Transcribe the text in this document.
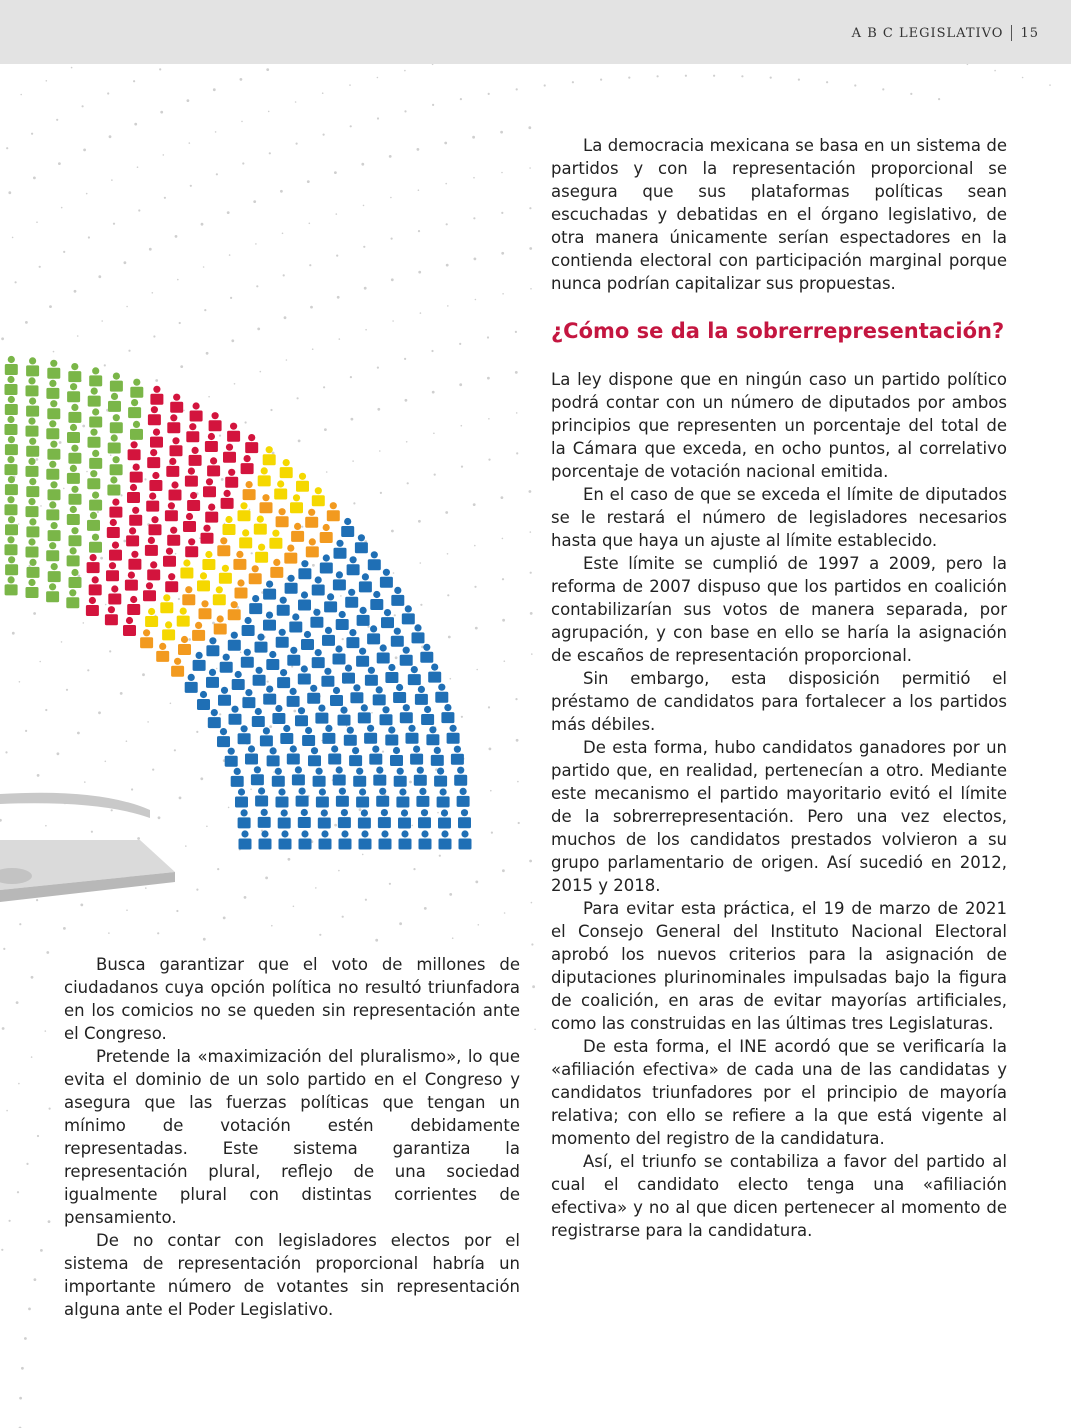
A B C LEGISLATIVO 15

La democracia mexicana se basa en un sistema de partidos y con la representación proporcional se asegura que sus plataformas políticas sean escuchadas y debatidas en el órgano legislativo, de otra manera únicamente serían espectadores en la contienda electoral con participación marginal porque nunca podrían capitalizar sus propuestas.

¿Cómo se da la sobrerrepresentación?

La ley dispone que en ningún caso un partido político podrá contar con un número de diputados por ambos principios que representen un porcentaje del total de la Cámara que exceda, en ocho puntos, al correlativo porcentaje de votación nacional emitida.

En el caso de que se exceda el límite de diputados se le restará el número de legisladores necesarios hasta que haya un ajuste al límite establecido.

Este límite se cumplió de 1997 a 2009, pero la reforma de 2007 dispuso que los partidos en coalición contabilizarían sus votos de manera separada, por agrupación, y con base en ello se haría la asignación de escaños de representación proporcional.

Sin embargo, esta disposición permitió el préstamo de candidatos para fortalecer a los partidos más débiles.

De esta forma, hubo candidatos ganadores por un partido que, en realidad, pertenecían a otro. Mediante este mecanismo el partido mayoritario evitó el límite de la sobrerrepresentación. Pero una vez electos, muchos de los candidatos prestados volvieron a su grupo parlamentario de origen. Así sucedió en 2012, 2015 y 2018.

Para evitar esta práctica, el 19 de marzo de 2021 el Consejo General del Instituto Nacional Electoral aprobó los nuevos criterios para la asignación de diputaciones plurinominales impulsadas bajo la figura de coalición, en aras de evitar mayorías artificiales, como las construidas en las últimas tres Legislaturas.

De esta forma, el INE acordó que se verificaría la «afiliación efectiva» de cada una de las candidatas y candidatos triunfadores por el principio de mayoría relativa; con ello se refiere a la que está vigente al momento del registro de la candidatura.

Así, el triunfo se contabiliza a favor del partido al cual el candidato electo tenga una «afiliación efectiva» y no al que dicen pertenecer al momento de registrarse para la candidatura.

Busca garantizar que el voto de millones de ciudadanos cuya opción política no resultó triunfadora en los comicios no se queden sin representación ante el Congreso.

Pretende la «maximización del pluralismo», lo que evita el dominio de un solo partido en el Congreso y asegura que las fuerzas políticas que tengan un mínimo de votación estén debidamente representadas. Este sistema garantiza la representación plural, reflejo de una sociedad igualmente plural con distintas corrientes de pensamiento.

De no contar con legisladores electos por el sistema de representación proporcional habría un importante número de votantes sin representación alguna ante el Poder Legislativo.
